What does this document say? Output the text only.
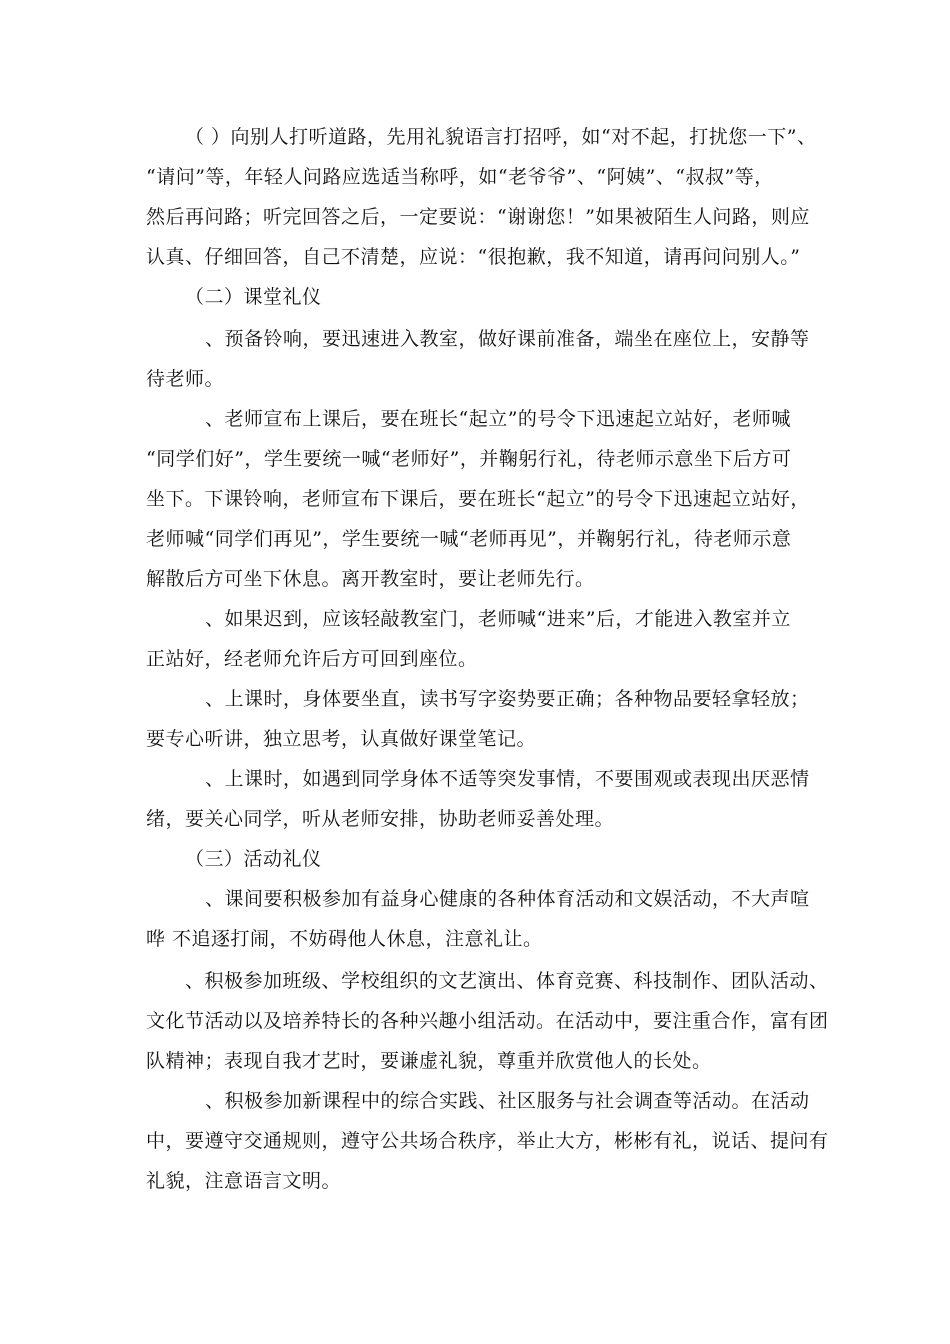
（ ）向别人打听道路，先用礼貌语言打招呼，如“对不起，打扰您一下”、
“请问”等，年轻人问路应选适当称呼，如“老爷爷”、“阿姨”、“叔叔”等，
然后再问路；听完回答之后，一定要说：“谢谢您！”如果被陌生人问路，则应
认真、仔细回答，自己不清楚，应说：“很抱歉，我不知道，请再问问别人。”
（二）课堂礼仪
、预备铃响，要迅速进入教室，做好课前准备，端坐在座位上，安静等
待老师。
、老师宣布上课后，要在班长“起立”的号令下迅速起立站好，老师喊
“同学们好”，学生要统一喊“老师好”，并鞠躬行礼，待老师示意坐下后方可
坐下。下课铃响，老师宣布下课后，要在班长“起立”的号令下迅速起立站好，
老师喊“同学们再见”，学生要统一喊“老师再见”，并鞠躬行礼，待老师示意
解散后方可坐下休息。离开教室时，要让老师先行。
、如果迟到，应该轻敲教室门，老师喊“进来”后，才能进入教室并立
正站好，经老师允许后方可回到座位。
、上课时，身体要坐直，读书写字姿势要正确；各种物品要轻拿轻放；
要专心听讲，独立思考，认真做好课堂笔记。
、上课时，如遇到同学身体不适等突发事情，不要围观或表现出厌恶情
绪，要关心同学，听从老师安排，协助老师妥善处理。
（三）活动礼仪
、课间要积极参加有益身心健康的各种体育活动和文娱活动，不大声喧
哗 不追逐打闹，不妨碍他人休息，注意礼让。
、积极参加班级、学校组织的文艺演出、体育竞赛、科技制作、团队活动、
文化节活动以及培养特长的各种兴趣小组活动。在活动中，要注重合作，富有团
队精神；表现自我才艺时，要谦虚礼貌，尊重并欣赏他人的长处。
、积极参加新课程中的综合实践、社区服务与社会调查等活动。在活动
中，要遵守交通规则，遵守公共场合秩序，举止大方，彬彬有礼，说话、提问有
礼貌，注意语言文明。
